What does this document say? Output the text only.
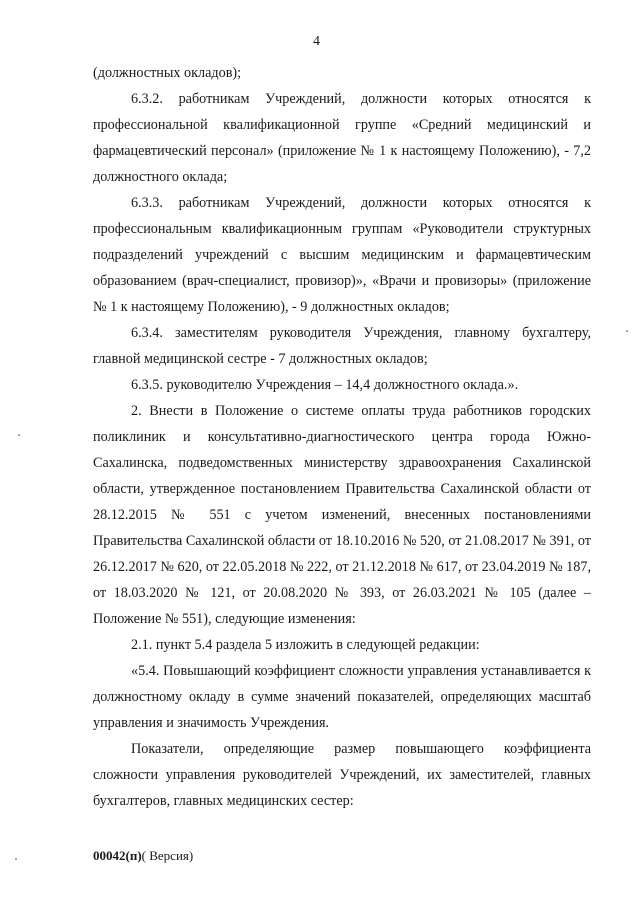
4

(должностных окладов);

6.3.2. работникам Учреждений, должности которых относятся к профессиональной квалификационной группе «Средний медицинский и фармацевтический персонал» (приложение № 1 к настоящему Положению), - 7,2 должностного оклада;

6.3.3. работникам Учреждений, должности которых относятся к профессиональным квалификационным группам «Руководители структурных подразделений учреждений с высшим медицинским и фармацевтическим образованием (врач-специалист, провизор)», «Врачи и провизоры» (приложение № 1 к настоящему Положению), - 9 должностных окладов;

6.3.4. заместителям руководителя Учреждения, главному бухгалтеру, главной медицинской сестре - 7 должностных окладов;

6.3.5. руководителю Учреждения – 14,4 должностного оклада.».

2. Внести в Положение о системе оплаты труда работников городских поликлиник и консультативно-диагностического центра города Южно-Сахалинска, подведомственных министерству здравоохранения Сахалинской области, утвержденное постановлением Правительства Сахалинской области от 28.12.2015 № 551 с учетом изменений, внесенных постановлениями Правительства Сахалинской области от 18.10.2016 № 520, от 21.08.2017 № 391, от 26.12.2017 № 620, от 22.05.2018 № 222, от 21.12.2018 № 617, от 23.04.2019 № 187, от 18.03.2020 № 121, от 20.08.2020 № 393, от 26.03.2021 № 105 (далее – Положение № 551), следующие изменения:

2.1. пункт 5.4 раздела 5 изложить в следующей редакции:

«5.4. Повышающий коэффициент сложности управления устанавливается к должностному окладу в сумме значений показателей, определяющих масштаб управления и значимость Учреждения.

Показатели, определяющие размер повышающего коэффициента сложности управления руководителей Учреждений, их заместителей, главных бухгалтеров, главных медицинских сестер:

00042(п)( Версия)
